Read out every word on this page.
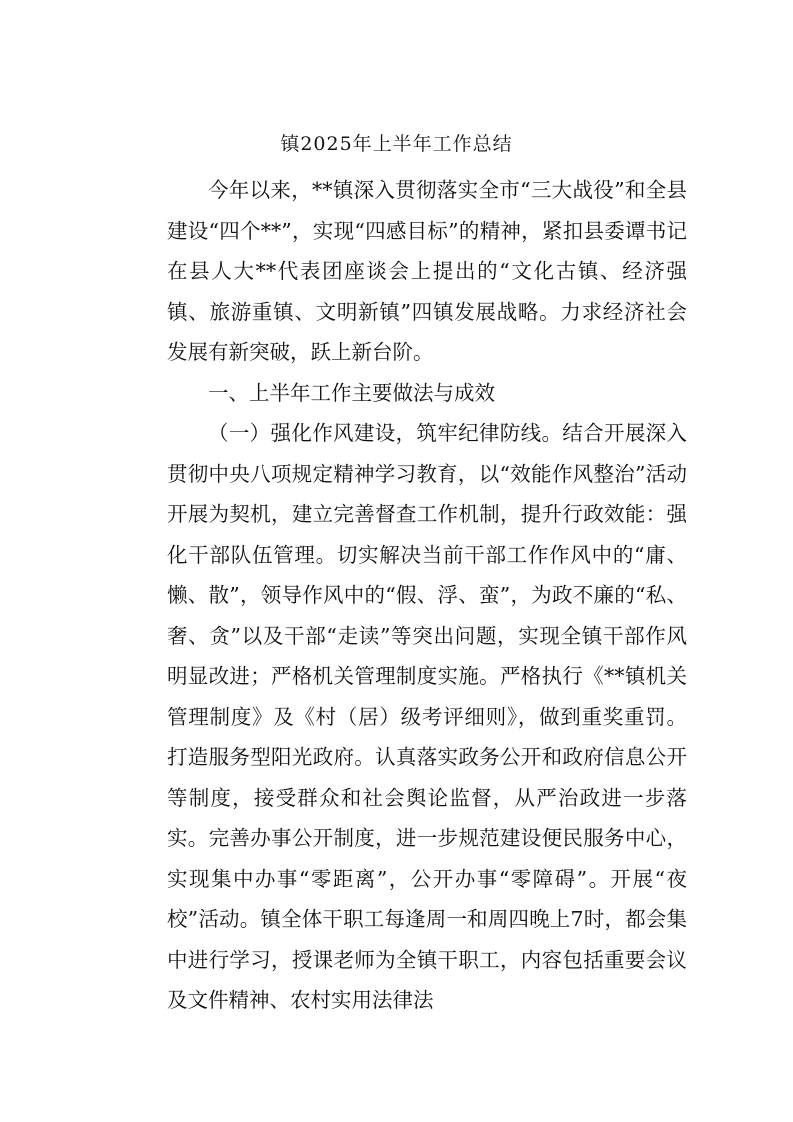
镇2025年上半年工作总结

今年以来，**镇深入贯彻落实全市“三大战役”和全县建设“四个**”，实现“四感目标”的精神，紧扣县委谭书记在县人大**代表团座谈会上提出的“文化古镇、经济强镇、旅游重镇、文明新镇”四镇发展战略。力求经济社会发展有新突破，跃上新台阶。

一、上半年工作主要做法与成效

（一）强化作风建设，筑牢纪律防线。结合开展深入贯彻中央八项规定精神学习教育，以“效能作风整治”活动开展为契机，建立完善督查工作机制，提升行政效能：强化干部队伍管理。切实解决当前干部工作作风中的“庸、懒、散”，领导作风中的“假、浮、蛮”，为政不廉的“私、奢、贪”以及干部“走读”等突出问题，实现全镇干部作风明显改进；严格机关管理制度实施。严格执行《**镇机关管理制度》及《村（居）级考评细则》，做到重奖重罚。打造服务型阳光政府。认真落实政务公开和政府信息公开等制度，接受群众和社会舆论监督，从严治政进一步落实。完善办事公开制度，进一步规范建设便民服务中心，实现集中办事“零距离”，公开办事“零障碍”。开展“夜校”活动。镇全体干职工每逢周一和周四晚上7时，都会集中进行学习，授课老师为全镇干职工，内容包括重要会议及文件精神、农村实用法律法
